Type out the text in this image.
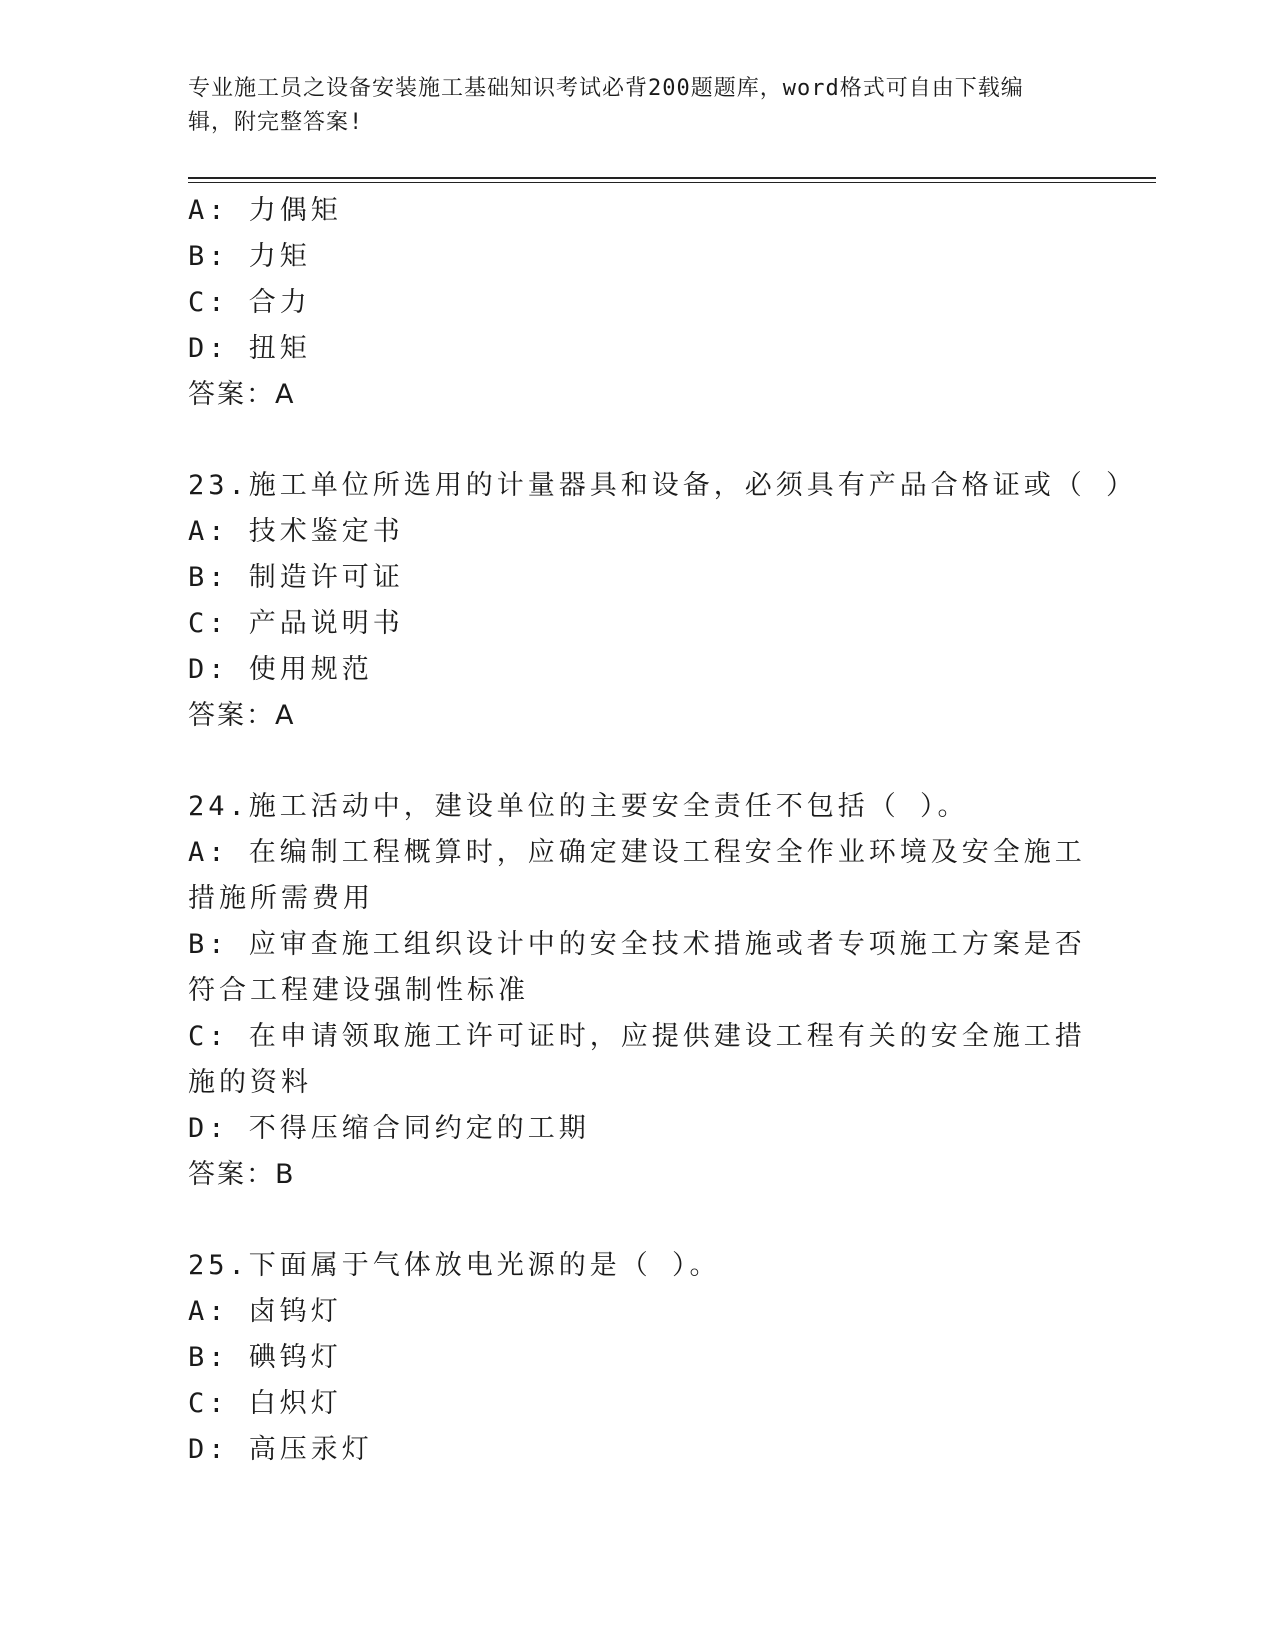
专业施工员之设备安装施工基础知识考试必背200题题库，word格式可自由下载编辑，附完整答案!
A: 力偶矩
B: 力矩
C: 合力
D: 扭矩
答案：A
23.施工单位所选用的计量器具和设备，必须具有产品合格证或（ ）
A: 技术鉴定书
B: 制造许可证
C: 产品说明书
D: 使用规范
答案：A
24.施工活动中，建设单位的主要安全责任不包括（ ）。
A: 在编制工程概算时，应确定建设工程安全作业环境及安全施工措施所需费用
B: 应审查施工组织设计中的安全技术措施或者专项施工方案是否符合工程建设强制性标准
C: 在申请领取施工许可证时，应提供建设工程有关的安全施工措施的资料
D: 不得压缩合同约定的工期
答案：B
25.下面属于气体放电光源的是（ ）。
A: 卤钨灯
B: 碘钨灯
C: 白炽灯
D: 高压汞灯
